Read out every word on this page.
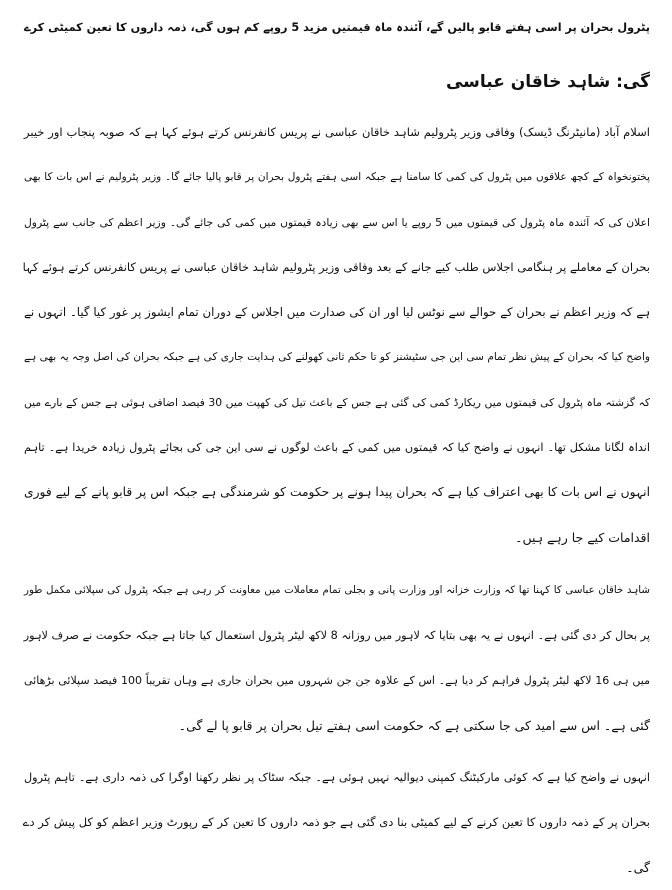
پٹرول بحران پر اسی ہفتے قابو پالیں گے، آئندہ ماہ قیمتیں مزید 5 روپے کم ہوں گی، ذمہ داروں کا تعین کمیٹی کرے
گی: شاہد خاقان عباسی
اسلام آباد (مانیٹرنگ ڈیسک) وفاقی وزیر پٹرولیم شاہد خاقان عباسی نے پریس کانفرنس کرتے ہوئے کہا ہے کہ صوبہ پنجاب اور خیبر
پختونخواہ کے کچھ علاقوں میں پٹرول کی کمی کا سامنا ہے جبکہ اسی ہفتے پٹرول بحران پر قابو پالیا جائے گا۔ وزیر پٹرولیم نے اس بات کا بھی
اعلان کی کہ آئندہ ماہ پٹرول کی قیمتوں میں 5 روپے یا اس سے بھی زیادہ قیمتوں میں کمی کی جائے گی۔ وزیر اعظم کی جانب سے پٹرول
بحران کے معاملے پر ہنگامی اجلاس طلب کیے جانے کے بعد وفاقی وزیر پٹرولیم شاہد خاقان عباسی نے پریس کانفرنس کرتے ہوئے کہا
ہے کہ وزیر اعظم نے بحران کے حوالے سے نوٹس لیا اور ان کی صدارت میں اجلاس کے دوران تمام ایشوز پر غور کیا گیا۔ انہوں نے
واضح کیا کہ بحران کے پیش نظر تمام سی این جی سٹیشنز کو تا حکم ثانی کھولنے کی ہدایت جاری کی ہے جبکہ بحران کی اصل وجہ یہ بھی ہے
کہ گزشتہ ماہ پٹرول کی قیمتوں میں ریکارڈ کمی کی گئی ہے جس کے باعث تیل کی کھپت میں 30 فیصد اضافی ہوئی ہے جس کے بارے میں
انداہ لگانا مشکل تھا۔ انہوں نے واضح کیا کہ قیمتوں میں کمی کے باعث لوگوں نے سی این جی کی بجائے پٹرول زیادہ خریدا ہے۔ تاہم
انہوں نے اس بات کا بھی اعتراف کیا ہے کہ بحران پیدا ہونے پر حکومت کو شرمندگی ہے جبکہ اس پر قابو پانے کے لیے فوری
اقدامات کیے جا رہے ہیں۔
شاہد خاقان عباسی کا کہنا تھا کہ وزارت خزانہ اور وزارت پانی و بجلی تمام معاملات میں معاونت کر رہی ہے جبکہ پٹرول کی سپلائی مکمل طور
پر بحال کر دی گئی ہے۔ انہوں نے یہ بھی بتایا کہ لاہور میں روزانہ 8 لاکھ لیٹر پٹرول استعمال کیا جاتا ہے جبکہ حکومت نے صرف لاہور
میں ہی 16 لاکھ لیٹر پٹرول فراہم کر دیا ہے۔ اس کے علاوہ جن جن شہروں میں بحران جاری ہے وہاں تقریباً 100 فیصد سپلائی بڑھائی
گئی ہے۔ اس سے امید کی جا سکتی ہے کہ حکومت اسی ہفتے تیل بحران پر قابو پا لے گی۔
انہوں نے واضح کیا ہے کہ کوئی مارکیٹنگ کمپنی دیوالیہ نہیں ہوئی ہے۔ جبکہ سٹاک پر نظر رکھنا اوگرا کی ذمہ داری ہے۔ تاہم پٹرول
بحران پر کے ذمہ داروں کا تعین کرنے کے لیے کمیٹی بنا دی گئی ہے جو ذمہ داروں کا تعین کر کے رپورٹ وزیر اعظم کو کل پیش کر دے
گی۔
